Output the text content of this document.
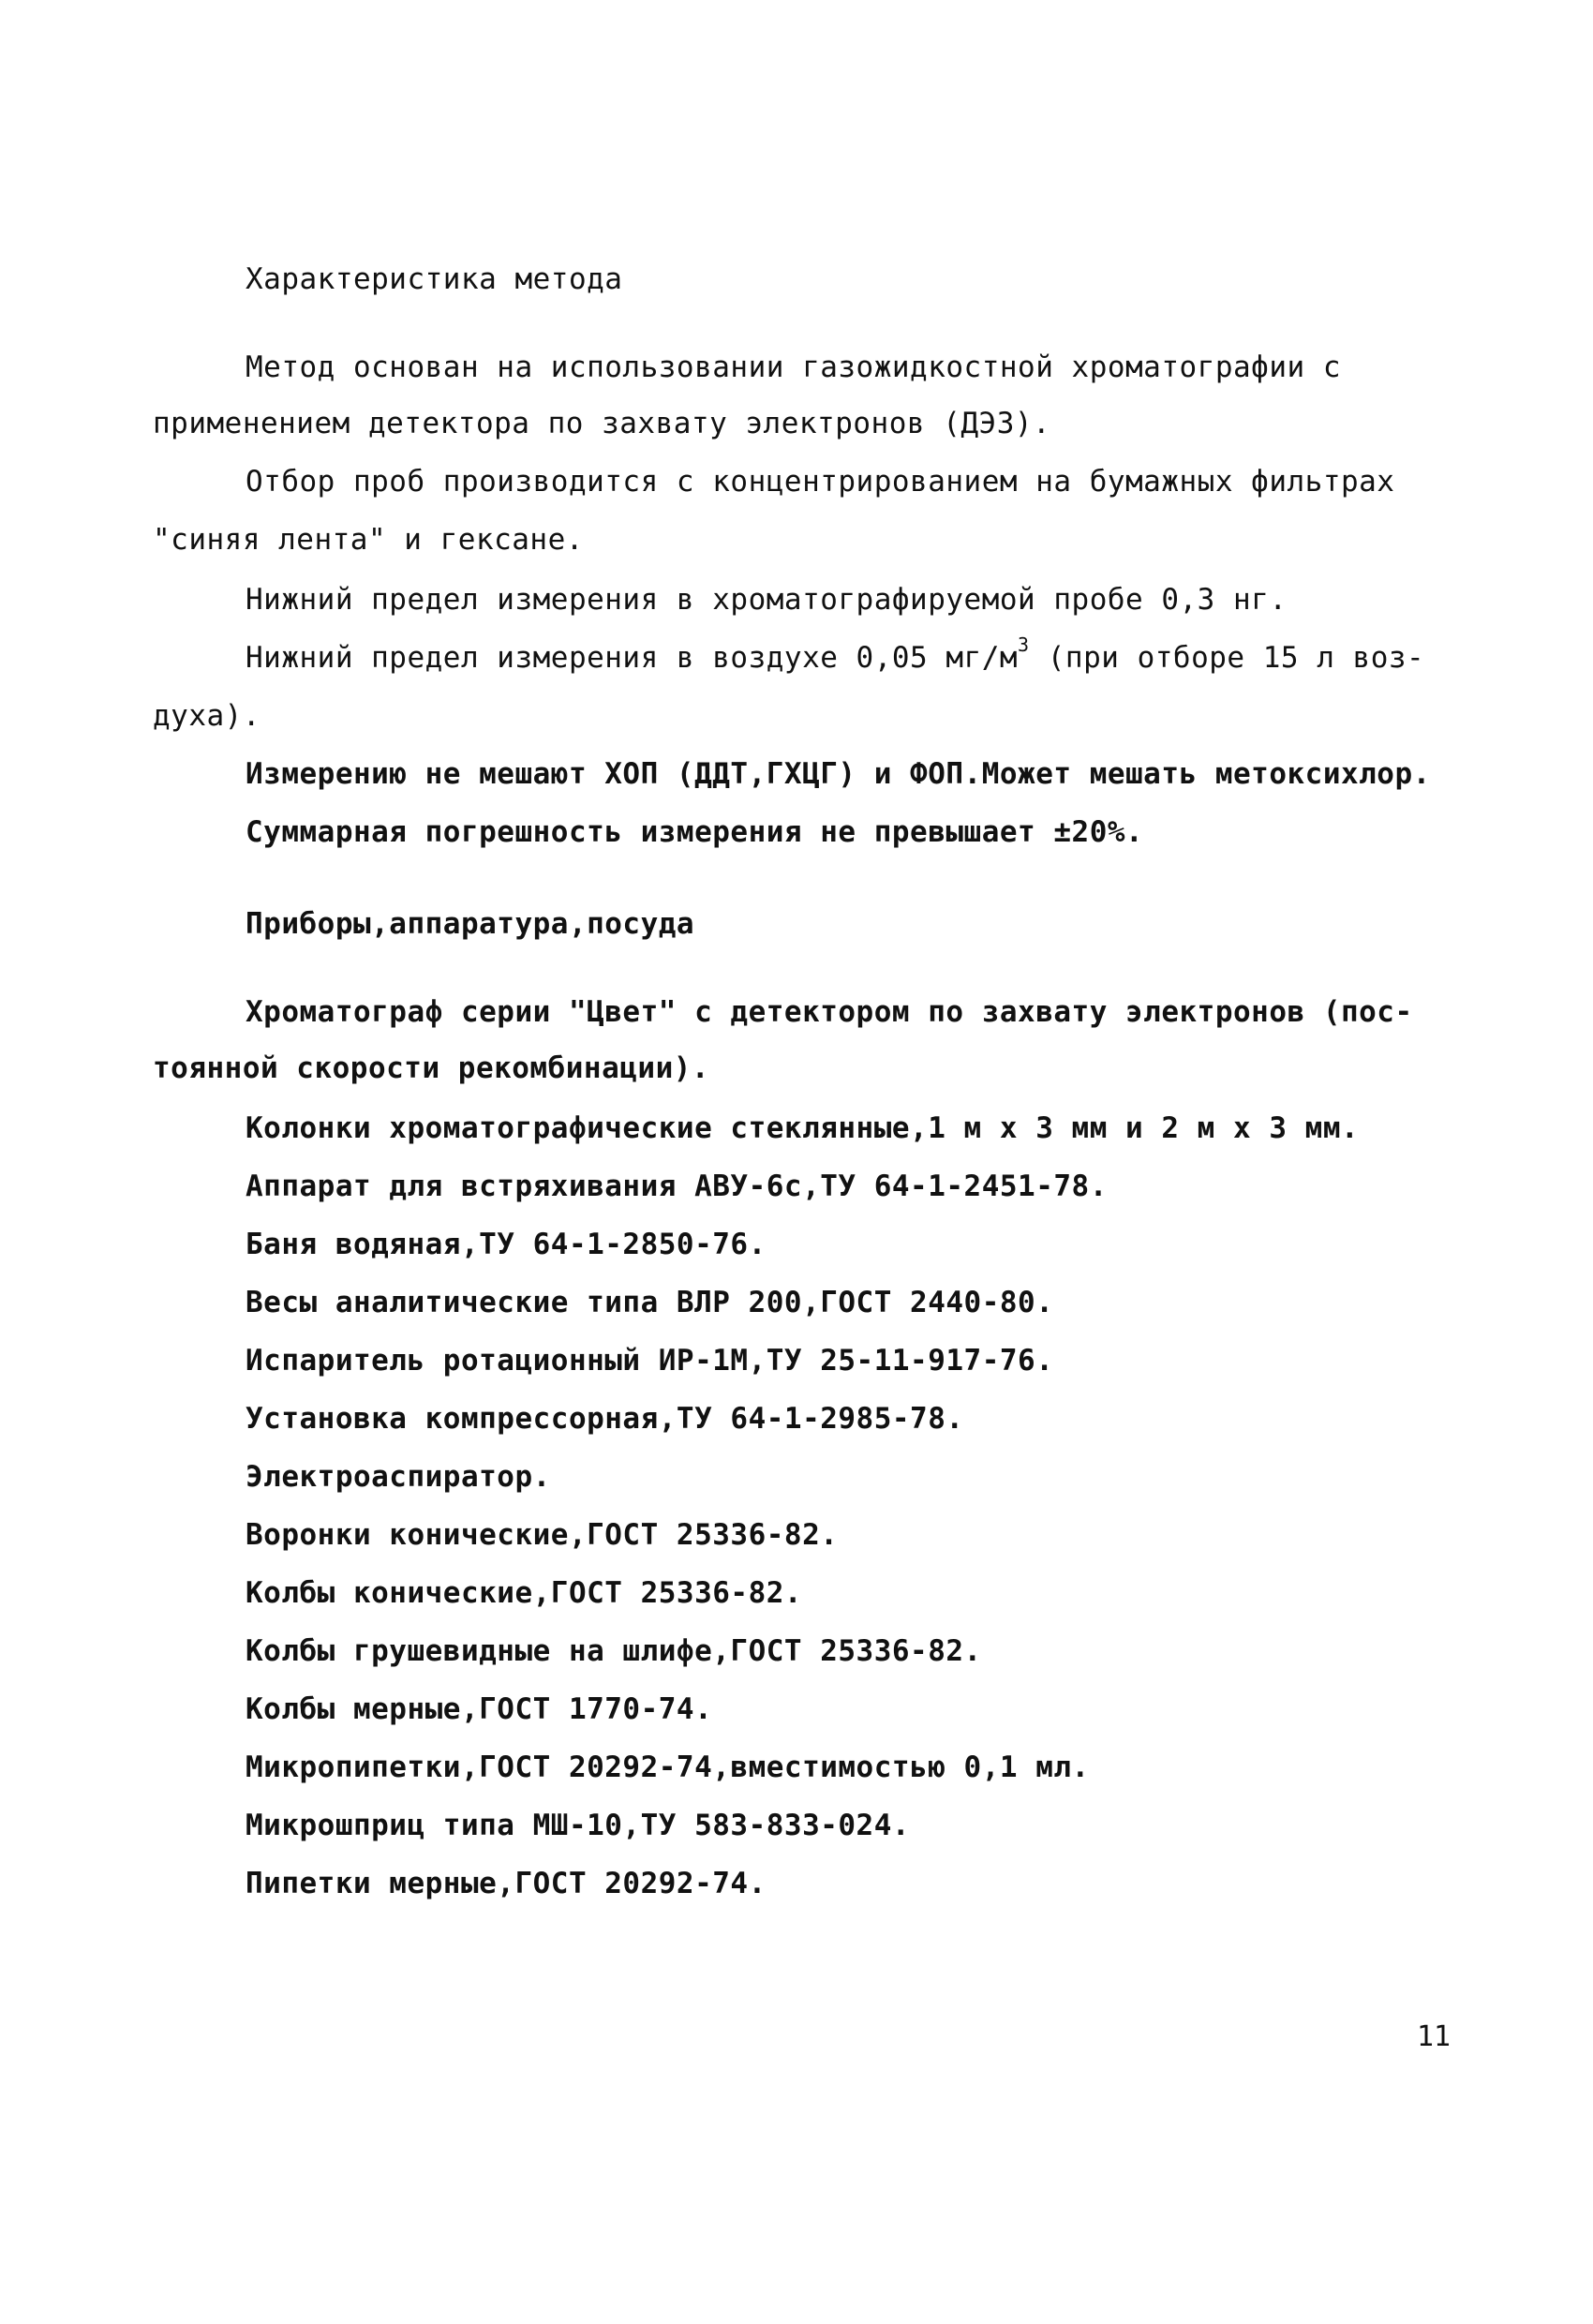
Характеристика метода

Метод основан на использовании газожидкостной хроматографии с

применением детектора по захвату электронов (ДЭЗ).

Отбор проб производится с концентрированием на бумажных фильтрах

"синяя лента" и гексане.

Нижний предел измерения в хроматографируемой пробе 0,3 нг.

Нижний предел измерения в воздухе 0,05 $мг/м^3$ (при отборе 15 л воз-

духа).

Измерению не мешают ХОП (ДДТ,ГХЦГ) и ФОП.Может мешать метоксихлор.

Суммарная погрешность измерения не превышает ±20%.

Приборы,аппаратура,посуда

Хроматограф серии "Цвет" с детектором по захвату электронов (пос-

тоянной скорости рекомбинации).

Колонки хроматографические стеклянные,1 м х 3 мм и 2 м х 3 мм.

Аппарат для встряхивания АВУ-6с,ТУ 64-1-2451-78.

Баня водяная,ТУ 64-1-2850-76.

Весы аналитические типа ВЛР 200,ГОСТ 2440-80.

Испаритель ротационный ИР-1М,ТУ 25-11-917-76.

Установка компрессорная,ТУ 64-1-2985-78.

Электроаспиратор.

Воронки конические,ГОСТ 25336-82.

Колбы конические,ГОСТ 25336-82.

Колбы грушевидные на шлифе,ГОСТ 25336-82.

Колбы мерные,ГОСТ 1770-74.

Микропипетки,ГОСТ 20292-74,вместимостью 0,1 мл.

Микрошприц типа МШ-10,ТУ 583-833-024.

Пипетки мерные,ГОСТ 20292-74.

11
